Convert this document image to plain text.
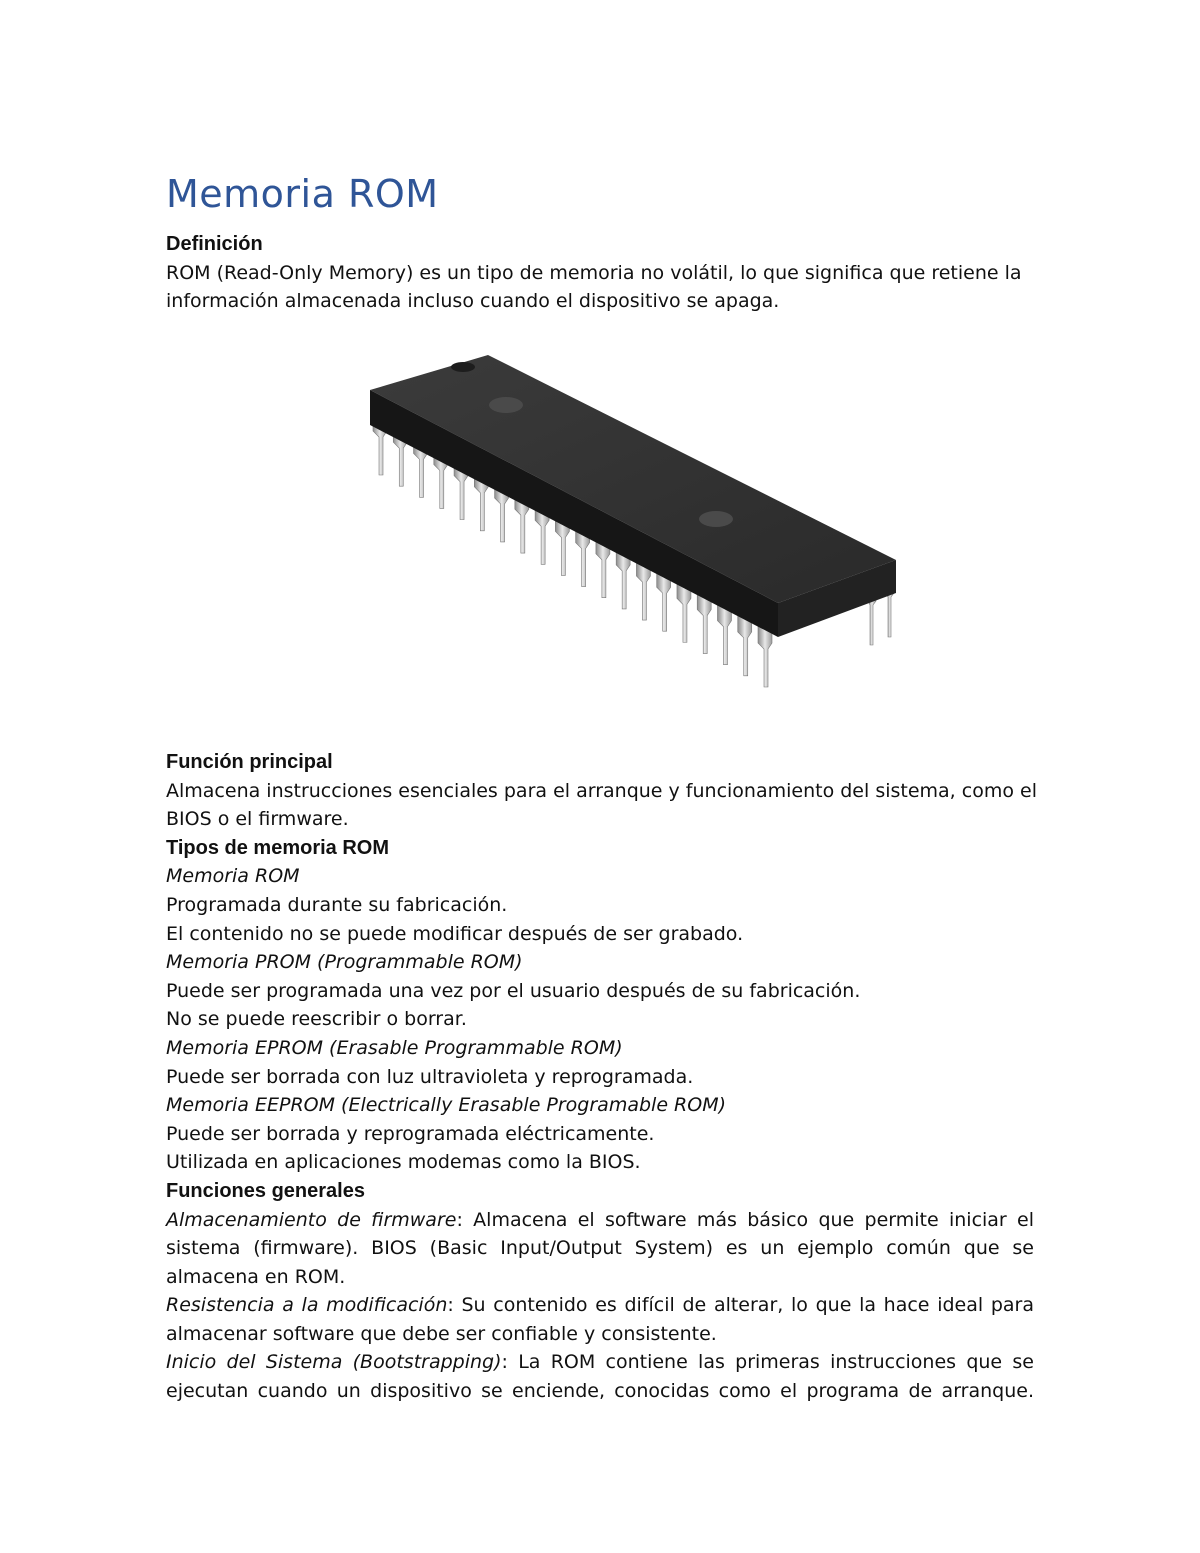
Memoria ROM

Definición

ROM (Read-Only Memory) es un tipo de memoria no volátil, lo que significa que retiene la

información almacenada incluso cuando el dispositivo se apaga.

Función principal

Almacena instrucciones esenciales para el arranque y funcionamiento del sistema, como el

BIOS o el firmware.

Tipos de memoria ROM

Memoria ROM

Programada durante su fabricación.

El contenido no se puede modificar después de ser grabado.

Memoria PROM (Programmable ROM)

Puede ser programada una vez por el usuario después de su fabricación.

No se puede reescribir o borrar.

Memoria EPROM (Erasable Programmable ROM)

Puede ser borrada con luz ultravioleta y reprogramada.

Memoria EEPROM (Electrically Erasable Programable ROM)

Puede ser borrada y reprogramada eléctricamente.

Utilizada en aplicaciones modemas como la BIOS.

Funciones generales

Almacenamiento de firmware: Almacena el software más básico que permite iniciar el sistema (firmware). BIOS (Basic Input/Output System) es un ejemplo común que se almacena en ROM.

Resistencia a la modificación: Su contenido es difícil de alterar, lo que la hace ideal para almacenar software que debe ser confiable y consistente.

Inicio del Sistema (Bootstrapping): La ROM contiene las primeras instrucciones que se ejecutan cuando un dispositivo se enciende, conocidas como el programa de arranque.
